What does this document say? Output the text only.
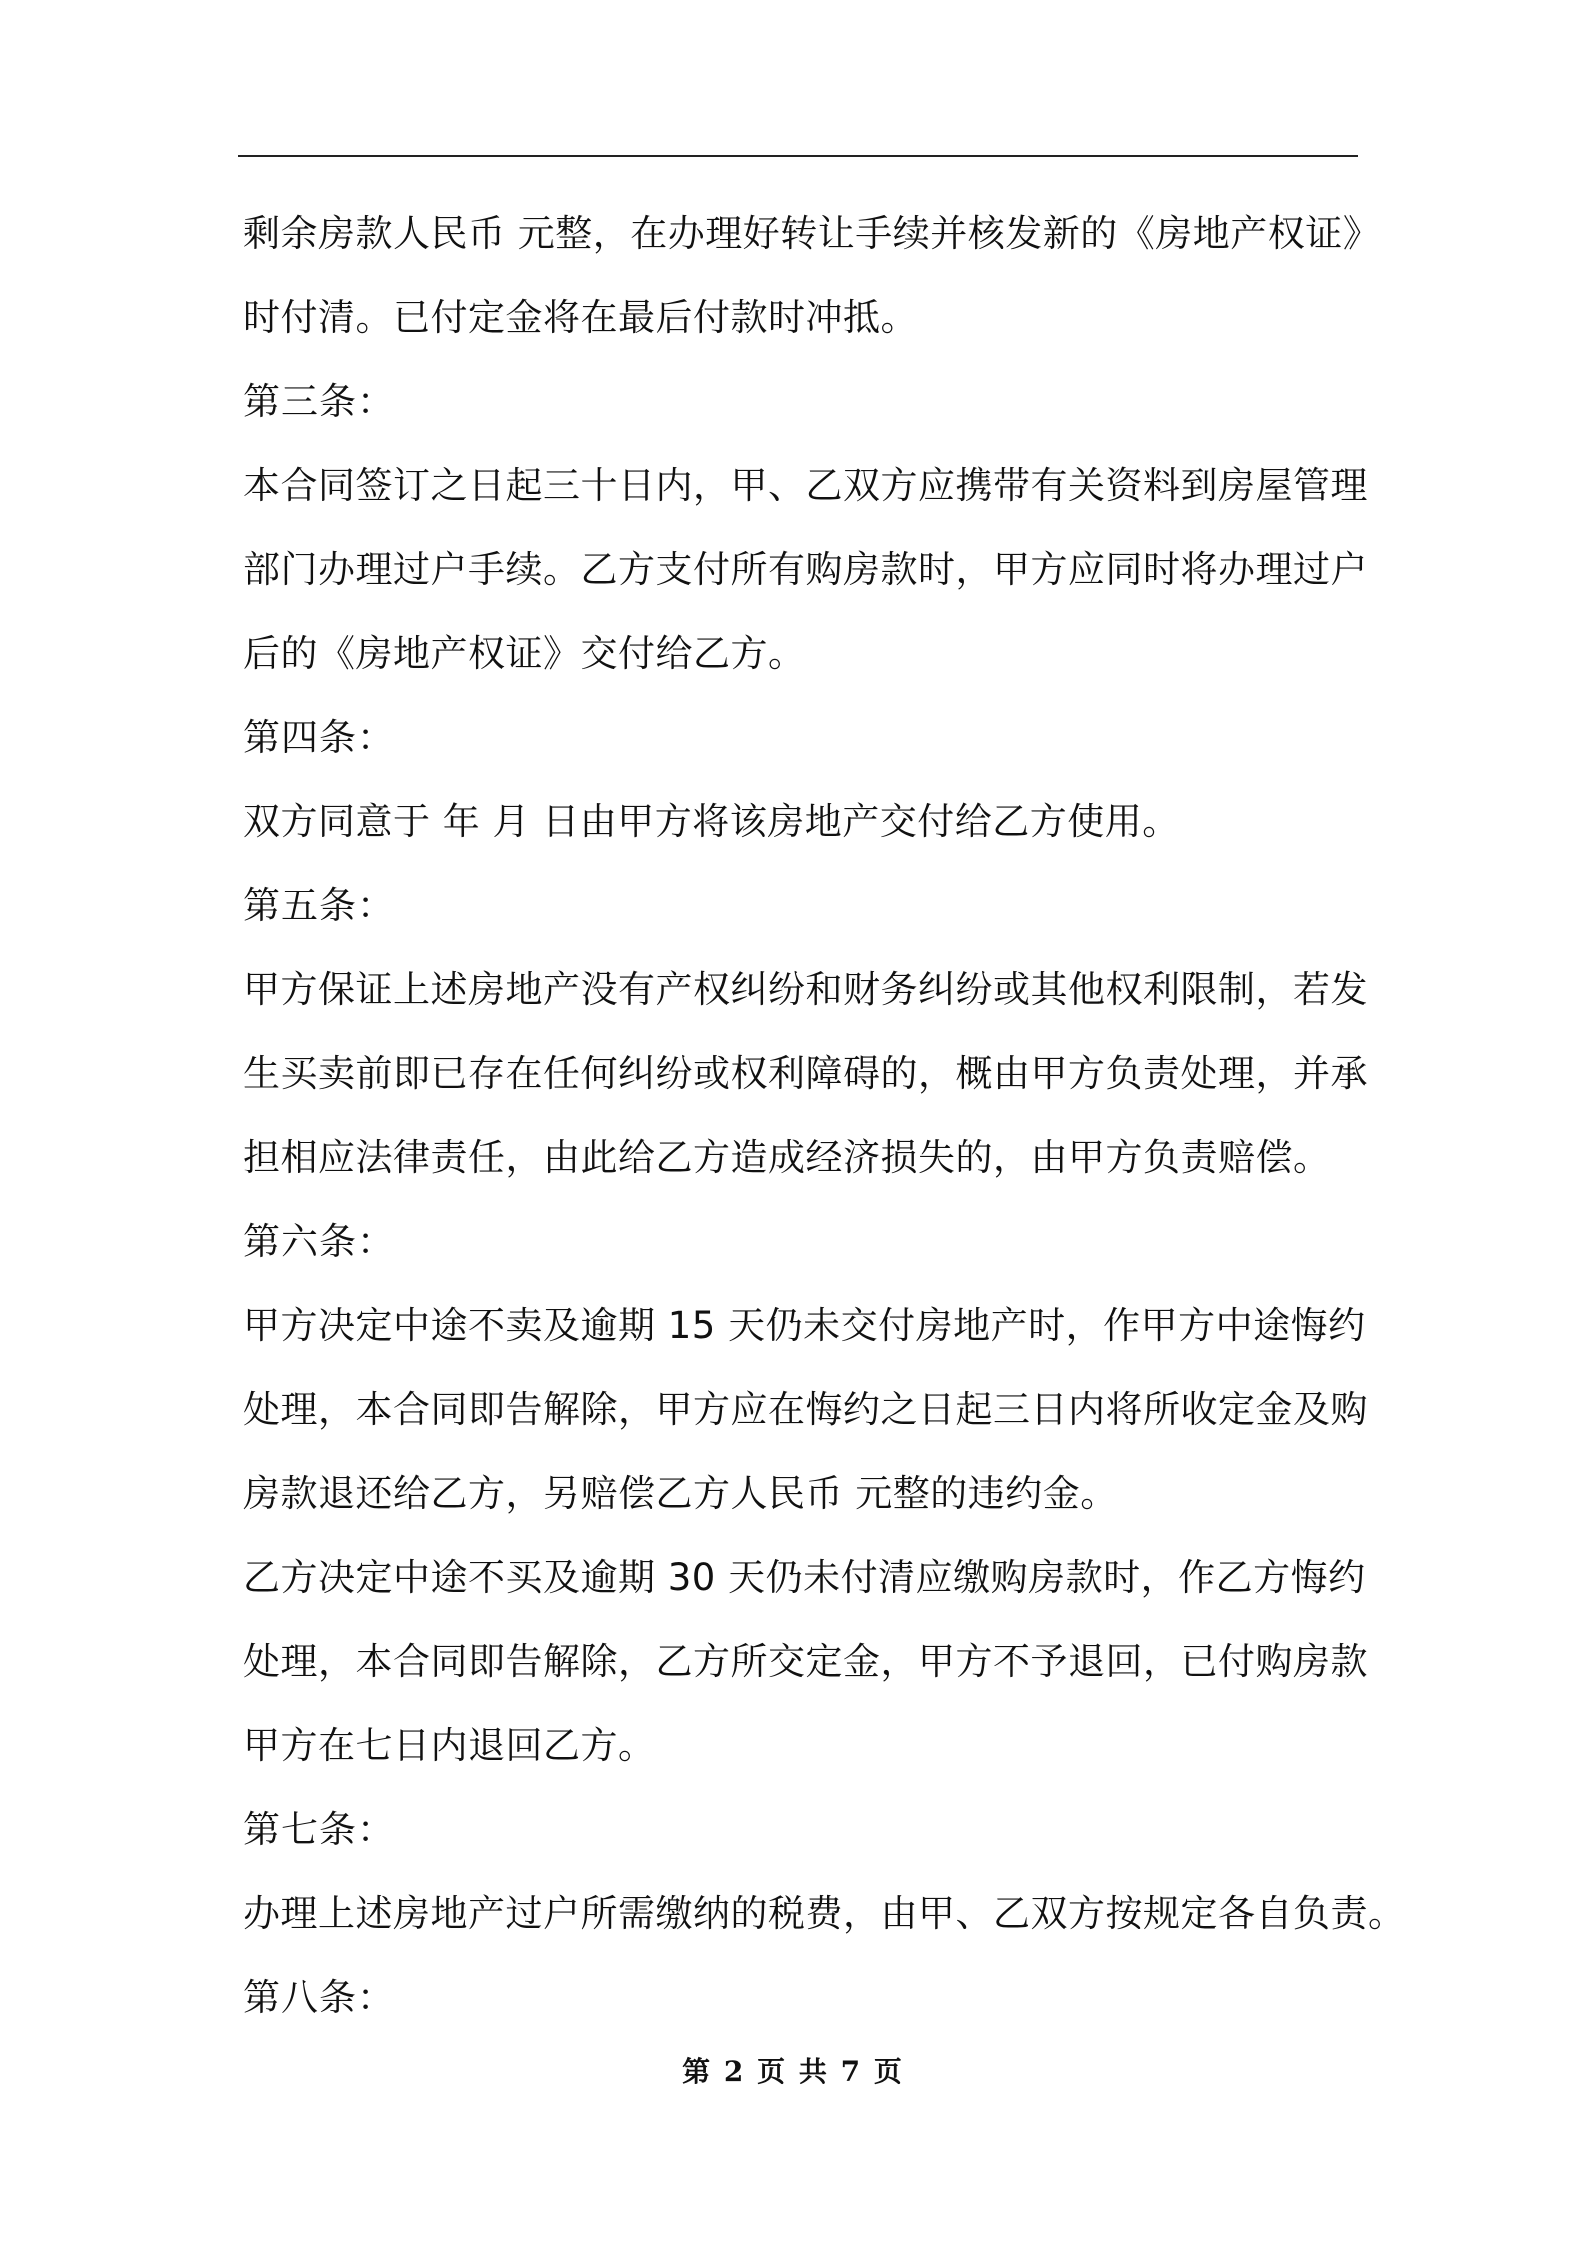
剩余房款人民币 元整，在办理好转让手续并核发新的《房地产权证》
时付清。已付定金将在最后付款时冲抵。
第三条：
本合同签订之日起三十日内，甲、乙双方应携带有关资料到房屋管理
部门办理过户手续。乙方支付所有购房款时，甲方应同时将办理过户
后的《房地产权证》交付给乙方。
第四条：
双方同意于 年 月 日由甲方将该房地产交付给乙方使用。
第五条：
甲方保证上述房地产没有产权纠纷和财务纠纷或其他权利限制，若发
生买卖前即已存在任何纠纷或权利障碍的，概由甲方负责处理，并承
担相应法律责任，由此给乙方造成经济损失的，由甲方负责赔偿。
第六条：
甲方决定中途不卖及逾期 15 天仍未交付房地产时，作甲方中途悔约
处理，本合同即告解除，甲方应在悔约之日起三日内将所收定金及购
房款退还给乙方，另赔偿乙方人民币 元整的违约金。
乙方决定中途不买及逾期 30 天仍未付清应缴购房款时，作乙方悔约
处理，本合同即告解除，乙方所交定金，甲方不予退回，已付购房款
甲方在七日内退回乙方。
第七条：
办理上述房地产过户所需缴纳的税费，由甲、乙双方按规定各自负责。
第八条：
第 2 页 共 7 页
